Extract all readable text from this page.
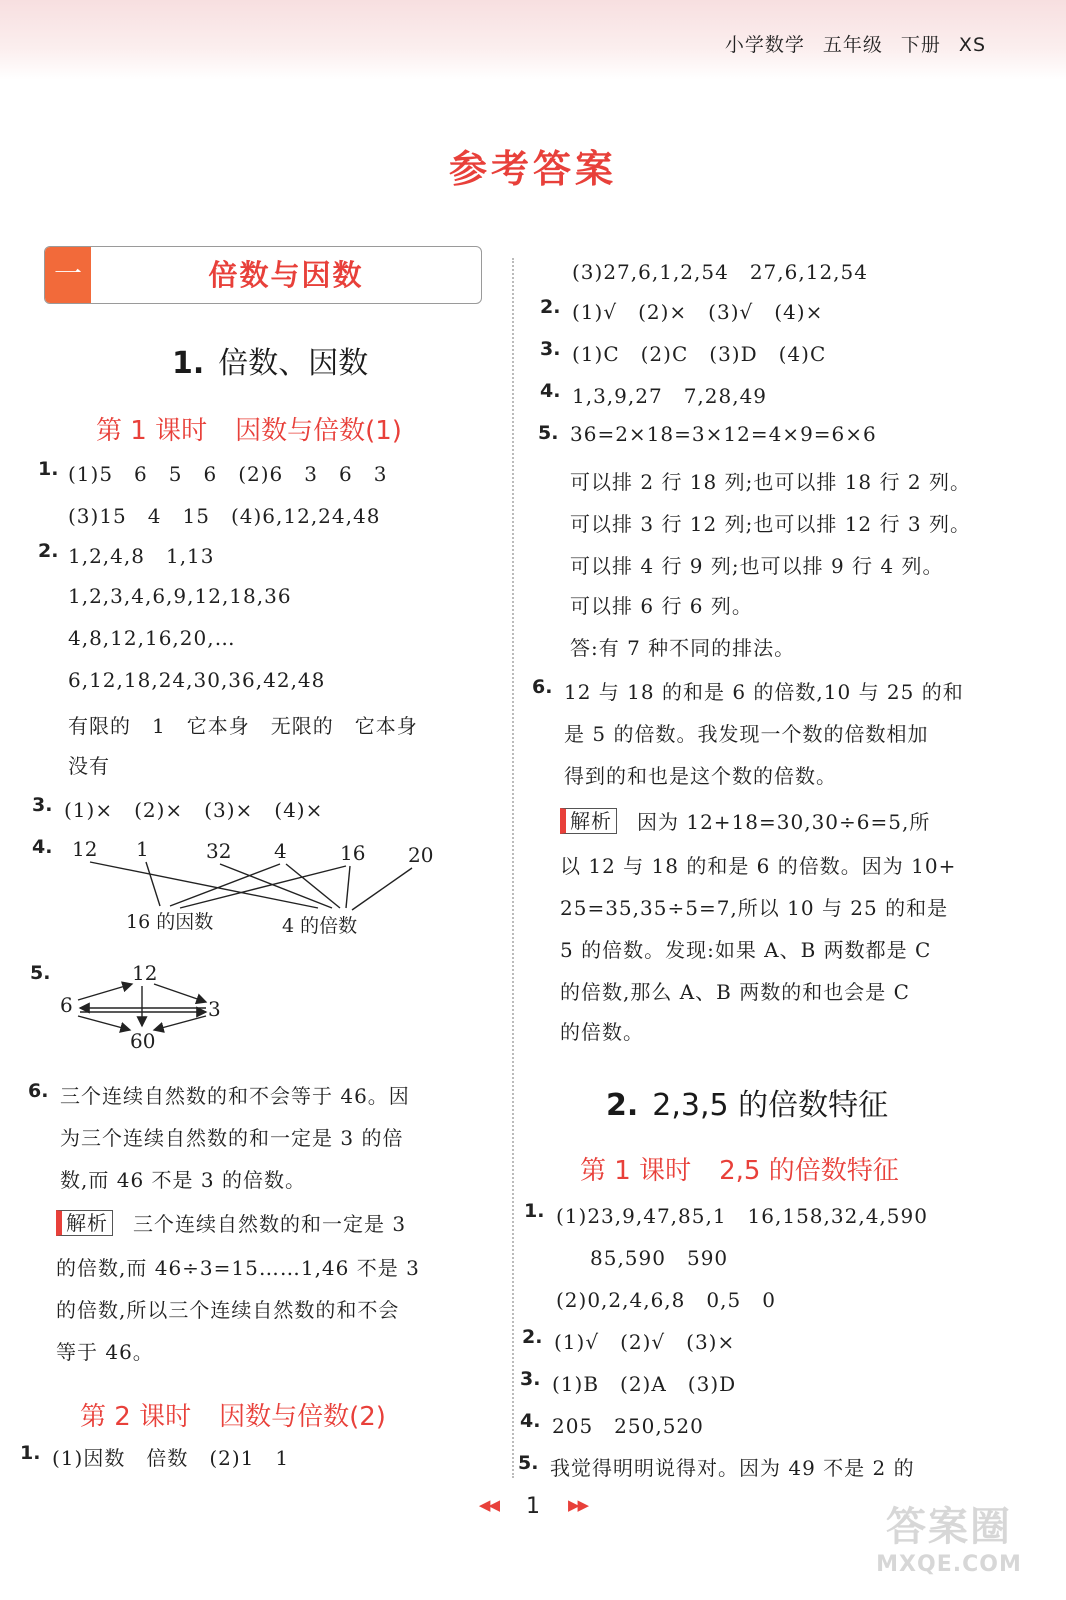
小学数学 五年级 下册 XS
参考答案
一	倍数与因数
1. 倍数、因数
第 1 课时 因数与倍数(1)
1. (1)5　6　5　6　(2)6　3　6　3
(3)15　4　15　(4)6,12,24,48
2. 1,2,4,8　1,13
1,2,3,4,6,9,12,18,36
4,8,12,16,20,…
6,12,18,24,30,36,42,48
有限的　1　它本身　无限的　它本身
没有
3. (1)×　(2)×　(3)×　(4)×
4. 12 1	32 4	16 20
16 的因数	4 的倍数
5.	12
6	3
60
6. 三个连续自然数的和不会等于 46。因
为三个连续自然数的和一定是 3 的倍
数,而 46 不是 3 的倍数。
解析 三个连续自然数的和一定是 3
的倍数,而 46÷3=15……1,46 不是 3
的倍数,所以三个连续自然数的和不会
等于 46。
第 2 课时 因数与倍数(2)
1. (1)因数　倍数　(2)1　1
(3)27,6,1,2,54　27,6,12,54
2. (1)√　(2)×　(3)√　(4)×
3. (1)C　(2)C　(3)D　(4)C
4. 1,3,9,27　7,28,49
5. 36=2×18=3×12=4×9=6×6
可以排 2 行 18 列;也可以排 18 行 2 列。
可以排 3 行 12 列;也可以排 12 行 3 列。
可以排 4 行 9 列;也可以排 9 行 4 列。
可以排 6 行 6 列。
答:有 7 种不同的排法。
6. 12 与 18 的和是 6 的倍数,10 与 25 的和
是 5 的倍数。我发现一个数的倍数相加
得到的和也是这个数的倍数。
解析 因为 12+18=30,30÷6=5,所
以 12 与 18 的和是 6 的倍数。因为 10+
25=35,35÷5=7,所以 10 与 25 的和是
5 的倍数。发现:如果 A、B 两数都是 C
的倍数,那么 A、B 两数的和也会是 C
的倍数。
2. 2,3,5 的倍数特征
第 1 课时 2,5 的倍数特征
1. (1)23,9,47,85,1　16,158,32,4,590
85,590　590
(2)0,2,4,6,8　0,5　0
2. (1)√　(2)√　(3)×
3. (1)B　(2)A　(3)D
4. 205　250,520
5. 我觉得明明说得对。因为 49 不是 2 的
◀◀ 1 ▶▶	答案圈
MXQE.COM
